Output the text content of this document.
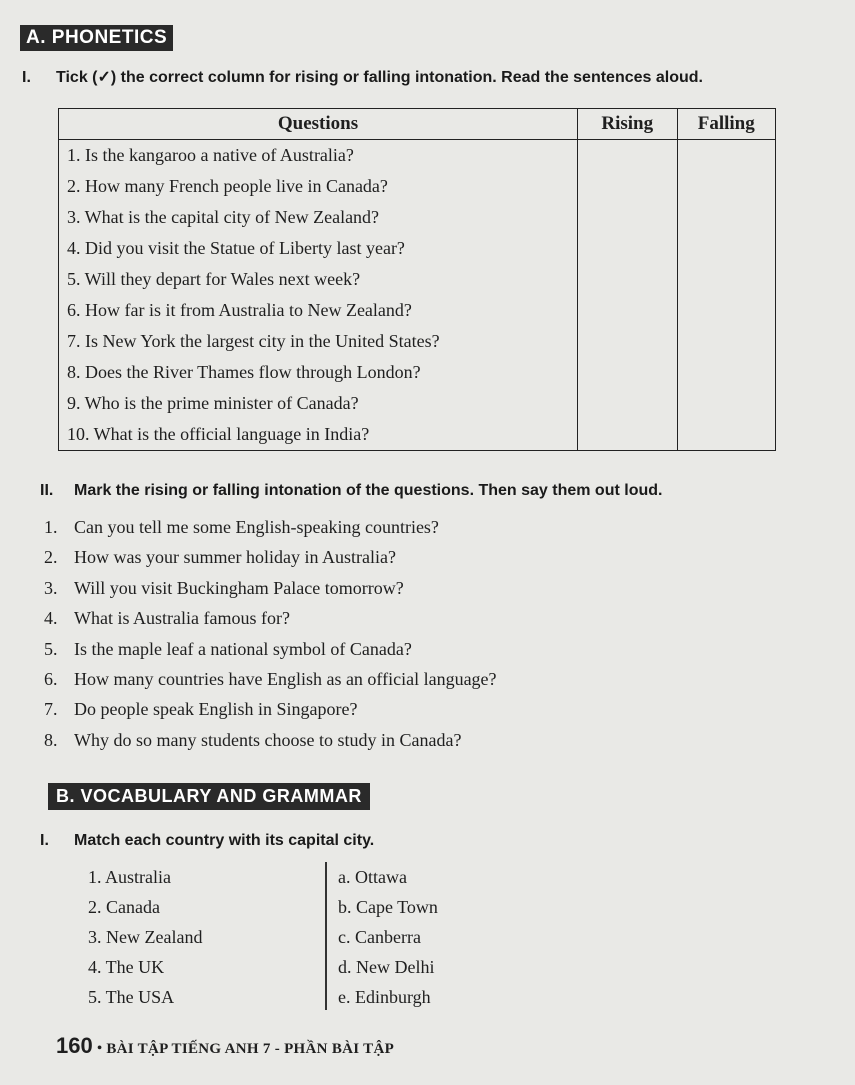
A. PHONETICS
I. Tick (✓) the correct column for rising or falling intonation. Read the sentences aloud.
Questions	Rising	Falling
1. Is the kangaroo a native of Australia?		
2. How many French people live in Canada?		
3. What is the capital city of New Zealand?		
4. Did you visit the Statue of Liberty last year?		
5. Will they depart for Wales next week?		
6. How far is it from Australia to New Zealand?		
7. Is New York the largest city in the United States?		
8. Does the River Thames flow through London?		
9. Who is the prime minister of Canada?		
10. What is the official language in India?		
II. Mark the rising or falling intonation of the questions. Then say them out loud.
1. Can you tell me some English-speaking countries?
2. How was your summer holiday in Australia?
3. Will you visit Buckingham Palace tomorrow?
4. What is Australia famous for?
5. Is the maple leaf a national symbol of Canada?
6. How many countries have English as an official language?
7. Do people speak English in Singapore?
8. Why do so many students choose to study in Canada?
B. VOCABULARY AND GRAMMAR
I. Match each country with its capital city.
1. Australia	a. Ottawa
2. Canada	b. Cape Town
3. New Zealand	c. Canberra
4. The UK	d. New Delhi
5. The USA	e. Edinburgh
160 • BÀI TẬP TIẾNG ANH 7 - PHẦN BÀI TẬP
